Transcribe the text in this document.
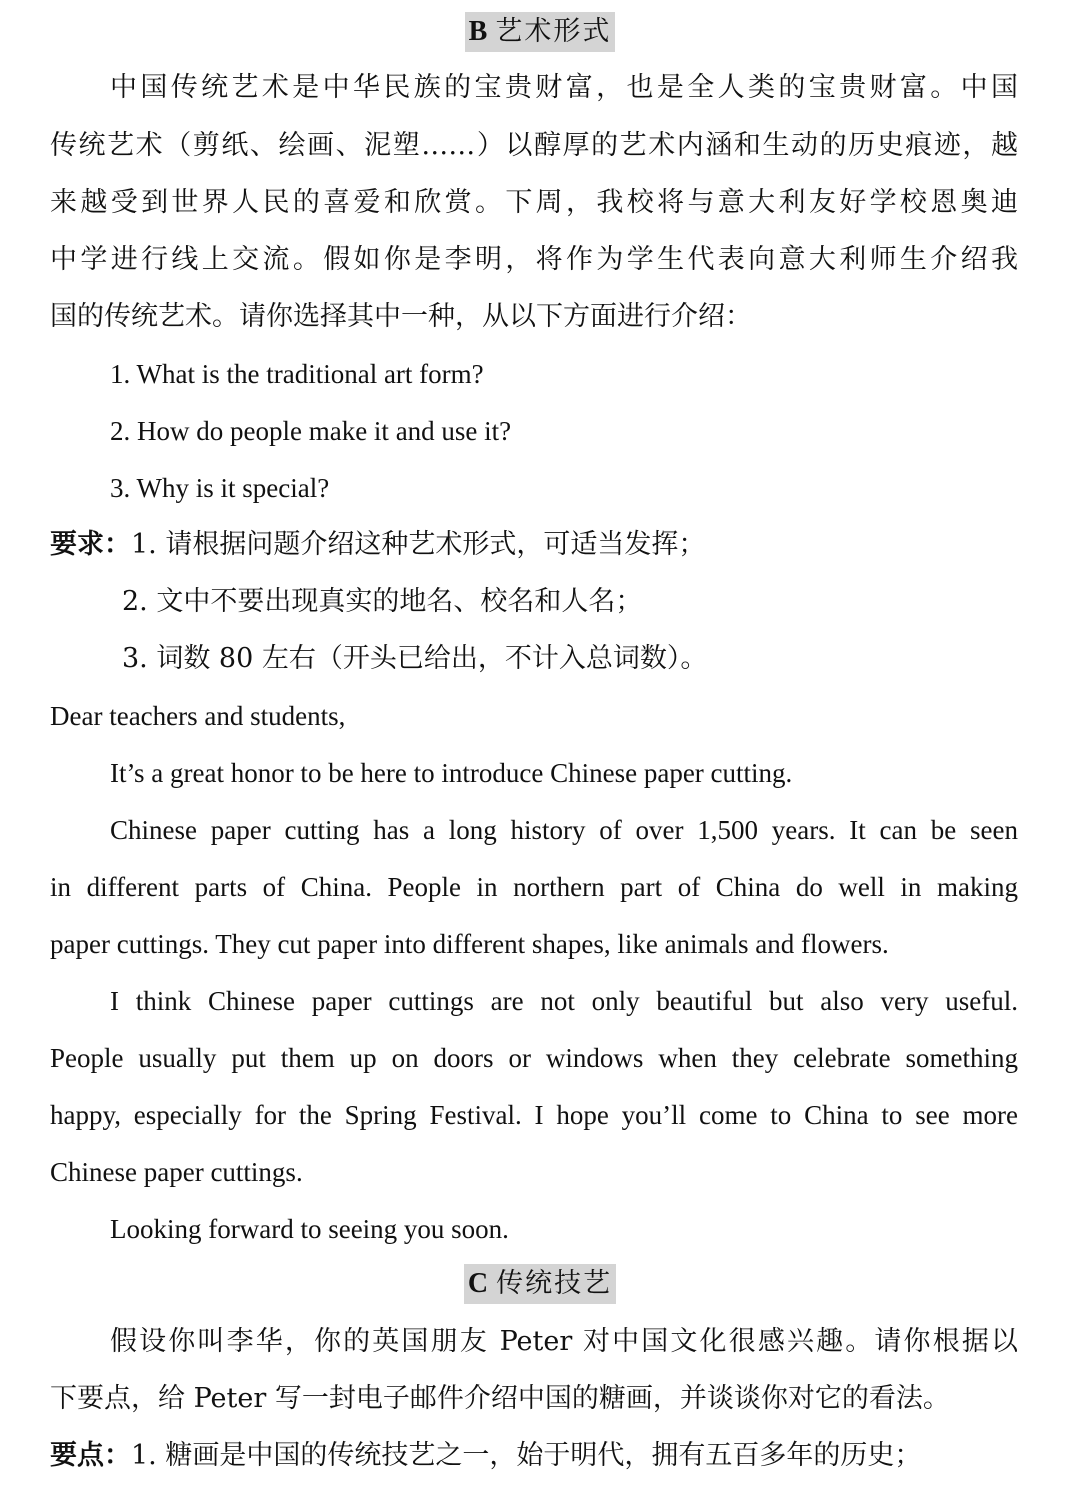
B 艺术形式
中国传统艺术是中华民族的宝贵财富，也是全人类的宝贵财富。中国
传统艺术（剪纸、绘画、泥塑……）以醇厚的艺术内涵和生动的历史痕迹，越
来越受到世界人民的喜爱和欣赏。下周，我校将与意大利友好学校恩奥迪
中学进行线上交流。假如你是李明，将作为学生代表向意大利师生介绍我
国的传统艺术。请你选择其中一种，从以下方面进行介绍：
1. What is the traditional art form?
2. How do people make it and use it?
3. Why is it special?
要求：1. 请根据问题介绍这种艺术形式，可适当发挥；
2. 文中不要出现真实的地名、校名和人名；
3. 词数 80 左右（开头已给出，不计入总词数）。
Dear teachers and students,
It’s a great honor to be here to introduce Chinese paper cutting.
Chinese paper cutting has a long history of over 1,500 years. It can be seen
in different parts of China. People in northern part of China do well in making
paper cuttings. They cut paper into different shapes, like animals and flowers.
I think Chinese paper cuttings are not only beautiful but also very useful.
People usually put them up on doors or windows when they celebrate something
happy, especially for the Spring Festival. I hope you’ll come to China to see more
Chinese paper cuttings.
Looking forward to seeing you soon.
C 传统技艺
假设你叫李华，你的英国朋友 Peter 对中国文化很感兴趣。请你根据以
下要点，给 Peter 写一封电子邮件介绍中国的糖画，并谈谈你对它的看法。
要点：1. 糖画是中国的传统技艺之一，始于明代，拥有五百多年的历史；
